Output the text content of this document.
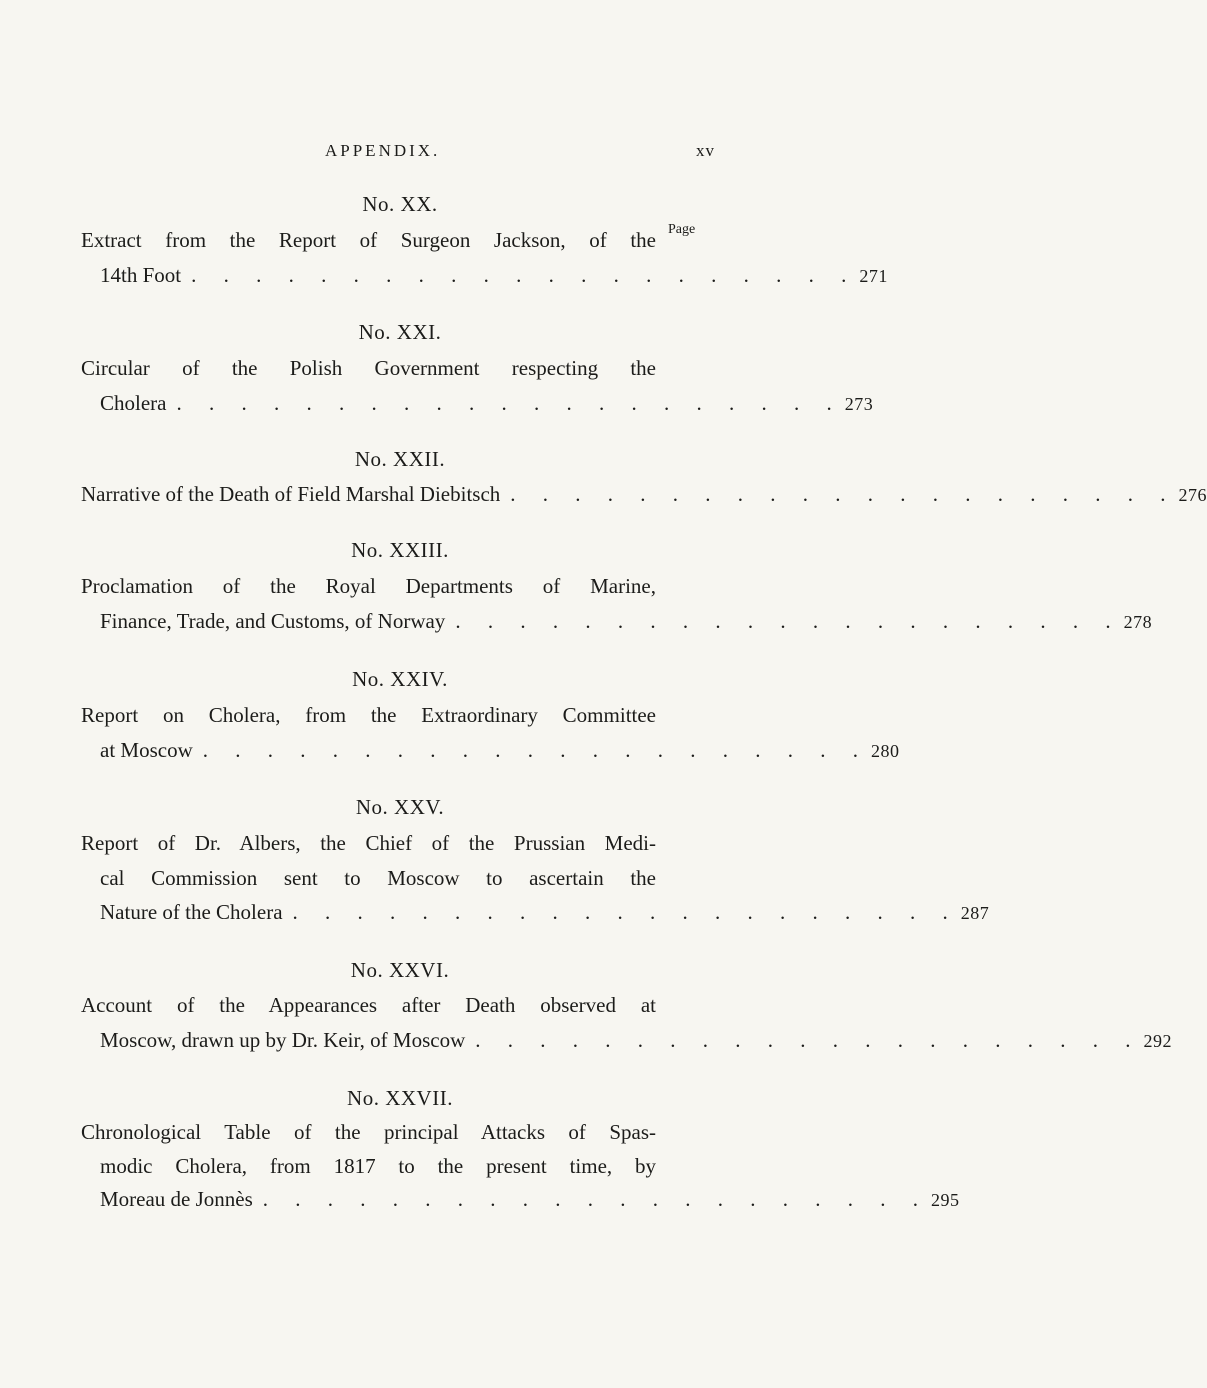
APPENDIX.	xv
Page
No. XX.
Extract from the Report of Surgeon Jackson, of the
14th Foot . . . . . . . . . . . . . . . . . . . . . 271
No. XXI.
Circular of the Polish Government respecting the
Cholera . . . . . . . . . . . . . . . . . . . . . 273
No. XXII.
Narrative of the Death of Field Marshal Diebitsch . . . . . . . . . . . . . . . . . . . . . 276
No. XXIII.
Proclamation of the Royal Departments of Marine,
Finance, Trade, and Customs, of Norway . . . . . . . . . . . . . . . . . . . . . 278
No. XXIV.
Report on Cholera, from the Extraordinary Committee
at Moscow . . . . . . . . . . . . . . . . . . . . . 280
No. XXV.
Report of Dr. Albers, the Chief of the Prussian Medi-
cal Commission sent to Moscow to ascertain the
Nature of the Cholera . . . . . . . . . . . . . . . . . . . . . 287
No. XXVI.
Account of the Appearances after Death observed at
Moscow, drawn up by Dr. Keir, of Moscow . . . . . . . . . . . . . . . . . . . . . 292
No. XXVII.
Chronological Table of the principal Attacks of Spas-
modic Cholera, from 1817 to the present time, by
Moreau de Jonnès . . . . . . . . . . . . . . . . . . . . . 295
